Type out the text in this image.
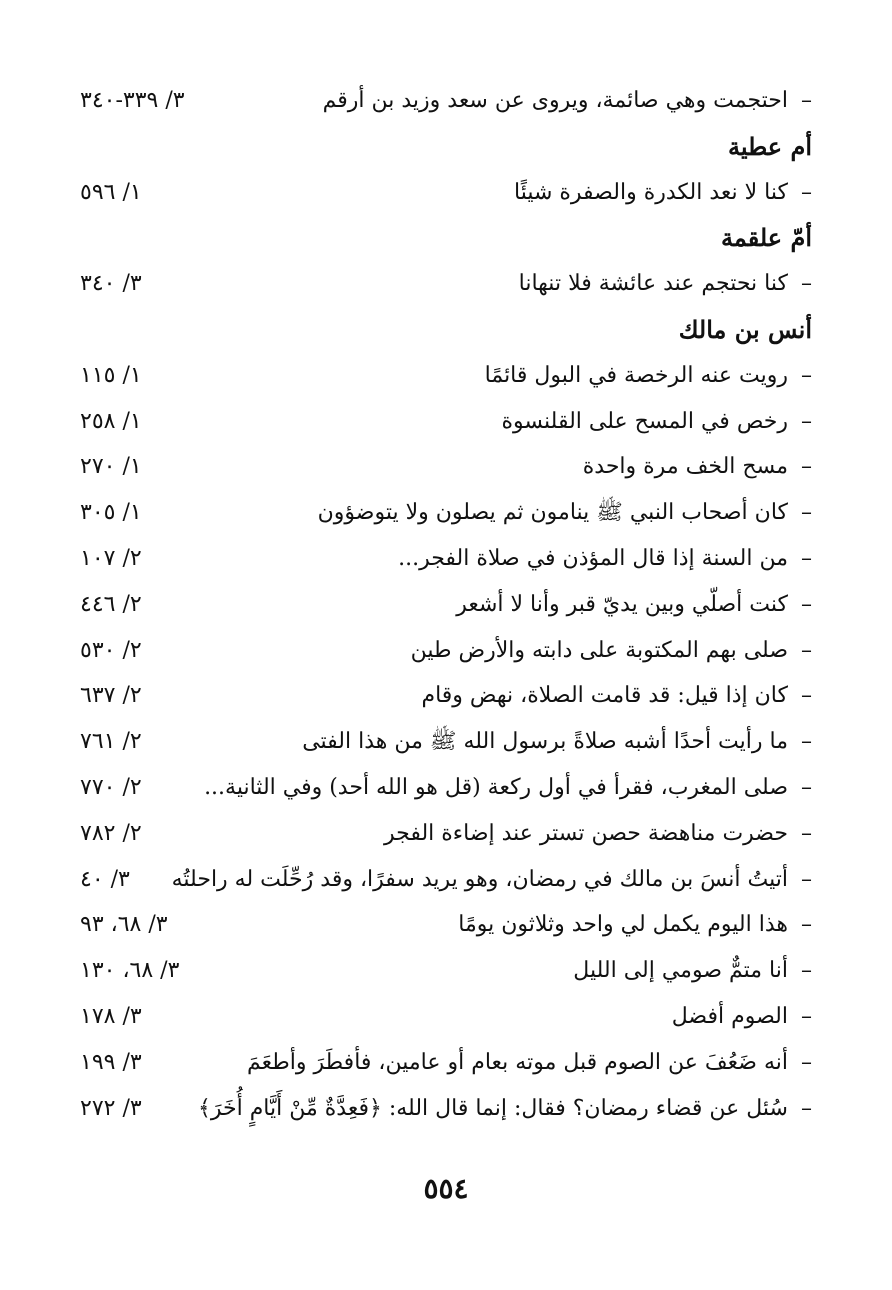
–
احتجمت وهي صائمة، ويروى عن سعد وزيد بن أرقم
٣/ ٣٣٩-٣٤٠
أم عطية
–
كنا لا نعد الكدرة والصفرة شيئًا
١/ ٥٩٦
أمّ علقمة
–
كنا نحتجم عند عائشة فلا تنهانا
٣/ ٣٤٠
أنس بن مالك
–
رويت عنه الرخصة في البول قائمًا
١/ ١١٥
–
رخص في المسح على القلنسوة
١/ ٢٥٨
–
مسح الخف مرة واحدة
١/ ٢٧٠
–
كان أصحاب النبي ﷺ ينامون ثم يصلون ولا يتوضؤون
١/ ٣٠٥
–
من السنة إذا قال المؤذن في صلاة الفجر...
٢/ ١٠٧
–
كنت أصلّي وبين يديّ قبر وأنا لا أشعر
٢/ ٤٤٦
–
صلى بهم المكتوبة على دابته والأرض طين
٢/ ٥٣٠
–
كان إذا قيل: قد قامت الصلاة، نهض وقام
٢/ ٦٣٧
–
ما رأيت أحدًا أشبه صلاةً برسول الله ﷺ من هذا الفتى
٢/ ٧٦١
–
صلى المغرب، فقرأ في أول ركعة (قل هو الله أحد) وفي الثانية...
٢/ ٧٧٠
–
حضرت مناهضة حصن تستر عند إضاءة الفجر
٢/ ٧٨٢
–
أتيتُ أنسَ بن مالك في رمضان، وهو يريد سفرًا، وقد رُحِّلَت له راحلتُه
٣/ ٤٠
–
هذا اليوم يكمل لي واحد وثلاثون يومًا
٣/ ٦٨، ٩٣
–
أنا متمٌّ صومي إلى الليل
٣/ ٦٨، ١٣٠
–
الصوم أفضل
٣/ ١٧٨
–
أنه ضَعُفَ عن الصوم قبل موته بعام أو عامين، فأفطَرَ وأطعَمَ
٣/ ١٩٩
–
سُئل عن قضاء رمضان؟ فقال: إنما قال الله: ﴿فَعِدَّةٌ مِّنْ أَيَّامٍ أُخَرَ﴾
٣/ ٢٧٢
٥٥٤
